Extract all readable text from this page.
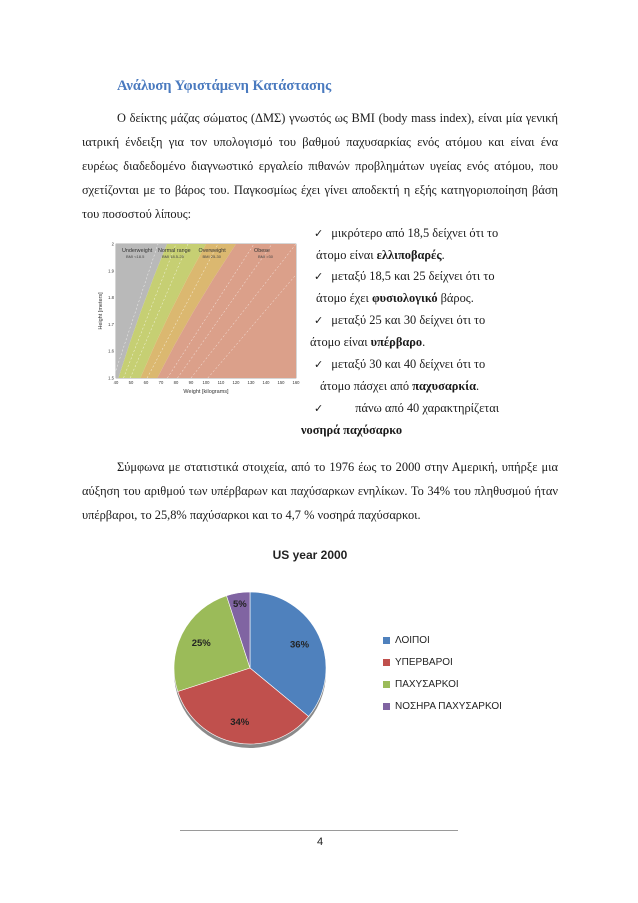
Ανάλυση Υφιστάμενη Κατάστασης
Ο δείκτης μάζας σώματος (ΔΜΣ) γνωστός ως BMI (body mass index), είναι μία γενική ιατρική ένδειξη για τον υπολογισμό του βαθμού παχυσαρκίας ενός ατόμου και είναι ένα ευρέως διαδεδομένο διαγνωστικό εργαλείο πιθανών προβλημάτων υγείας ενός ατόμου, που σχετίζονται με το βάρος του. Παγκοσμίως έχει γίνει αποδεκτή η εξής κατηγοριοποίηση βάση του ποσοστού λίπους:
Underweight
BMI <18.5
Normal range
BMI 18.5-25
Overweight
BMI 25-30
Obese
BMI >30
1.5
1.6
1.7
1.8
1.9
2
40 50 60 70 80 90 100 110 120 130 140 150 160
Weight [kilograms]
Height [meters]
✓ μικρότερο από 18,5 δείχνει ότι το
άτομο είναι ελλιποβαρές.
✓ μεταξύ 18,5 και 25 δείχνει ότι το
άτομο έχει φυσιολογικό βάρος.
✓ μεταξύ 25 και 30 δείχνει ότι το
άτομο είναι υπέρβαρο.
✓ μεταξύ 30 και 40 δείχνει ότι το
άτομο πάσχει από παχυσαρκία.
✓	πάνω από 40 χαρακτηρίζεται
νοσηρά παχύσαρκο
Σύμφωνα με στατιστικά στοιχεία, από το 1976 έως το 2000 στην Αμερική, υπήρξε μια αύξηση του αριθμού των υπέρβαρων και παχύσαρκων ενηλίκων. Το 34% του πληθυσμού ήταν υπέρβαροι, το 25,8% παχύσαρκοι και το 4,7 % νοσηρά παχύσαρκοι.
US year 2000
36%
34%
25%
5%
ΛΟΙΠΟΙ
ΥΠΕΡΒΑΡΟΙ
ΠΑΧΥΣΑΡΚΟΙ
ΝΟΣΗΡΑ ΠΑΧΥΣΑΡΚΟΙ
4
